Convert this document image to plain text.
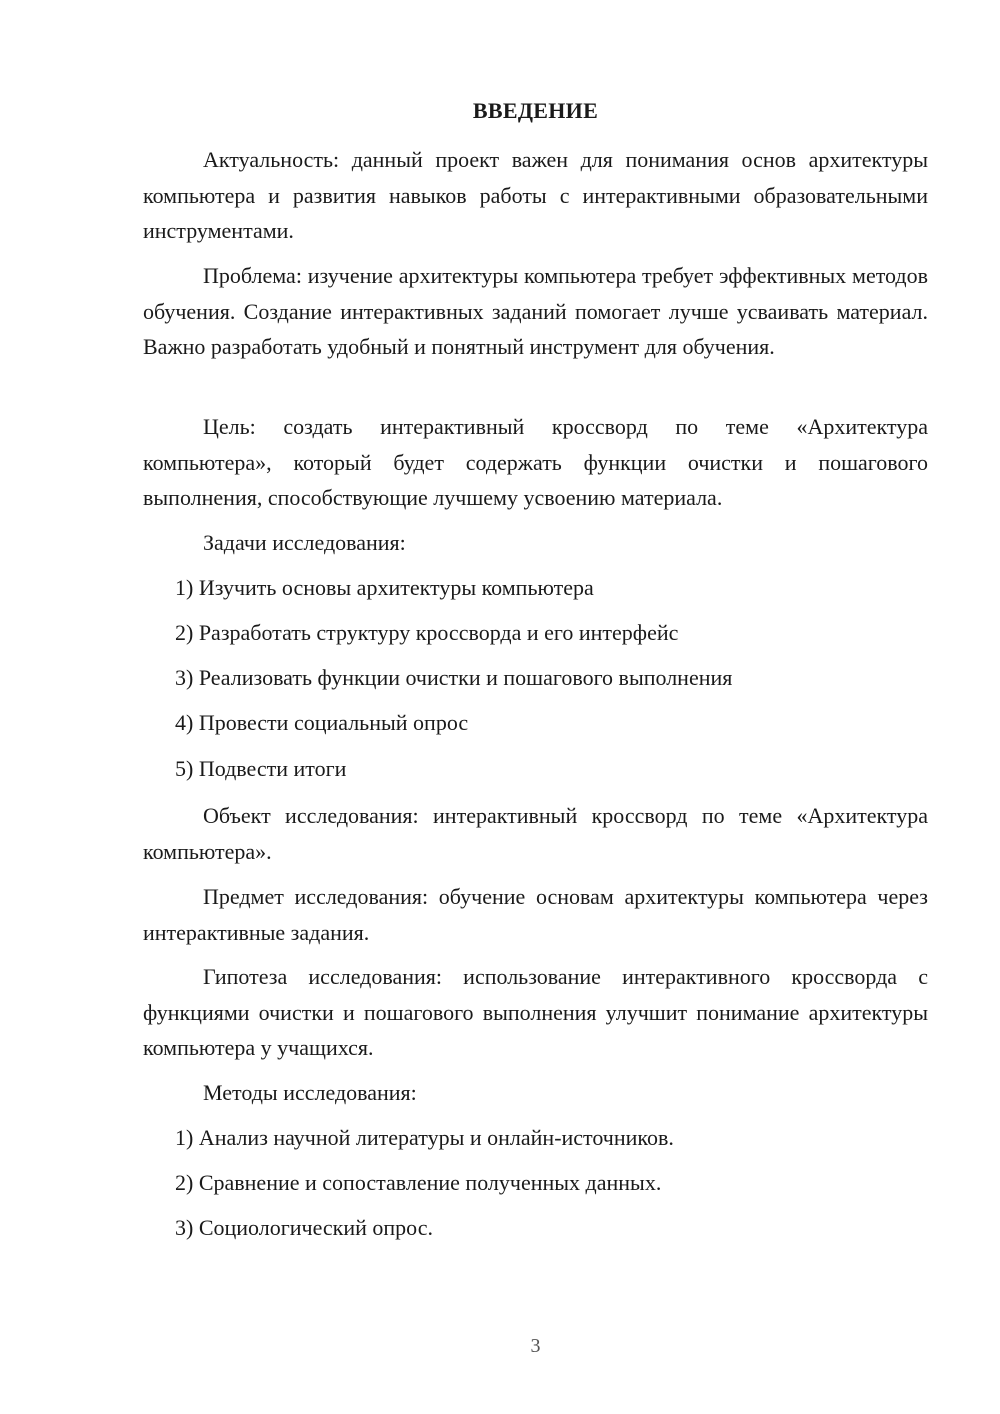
ВВЕДЕНИЕ

Актуальность: данный проект важен для понимания основ архитектуры компьютера и развития навыков работы с интерактивными образовательными инструментами.

Проблема: изучение архитектуры компьютера требует эффективных методов обучения. Создание интерактивных заданий помогает лучше усваивать материал. Важно разработать удобный и понятный инструмент для обучения.

Цель: создать интерактивный кроссворд по теме «Архитектура компьютера», который будет содержать функции очистки и пошагового выполнения, способствующие лучшему усвоению материала.

Задачи исследования:

1) Изучить основы архитектуры компьютера

2) Разработать структуру кроссворда и его интерфейс

3) Реализовать функции очистки и пошагового выполнения

4) Провести социальный опрос

5) Подвести итоги

Объект исследования: интерактивный кроссворд по теме «Архитектура компьютера».

Предмет исследования: обучение основам архитектуры компьютера через интерактивные задания.

Гипотеза исследования: использование интерактивного кроссворда с функциями очистки и пошагового выполнения улучшит понимание архитектуры компьютера у учащихся.

Методы исследования:

1) Анализ научной литературы и онлайн-источников.

2) Сравнение и сопоставление полученных данных.

3) Социологический опрос.

3
